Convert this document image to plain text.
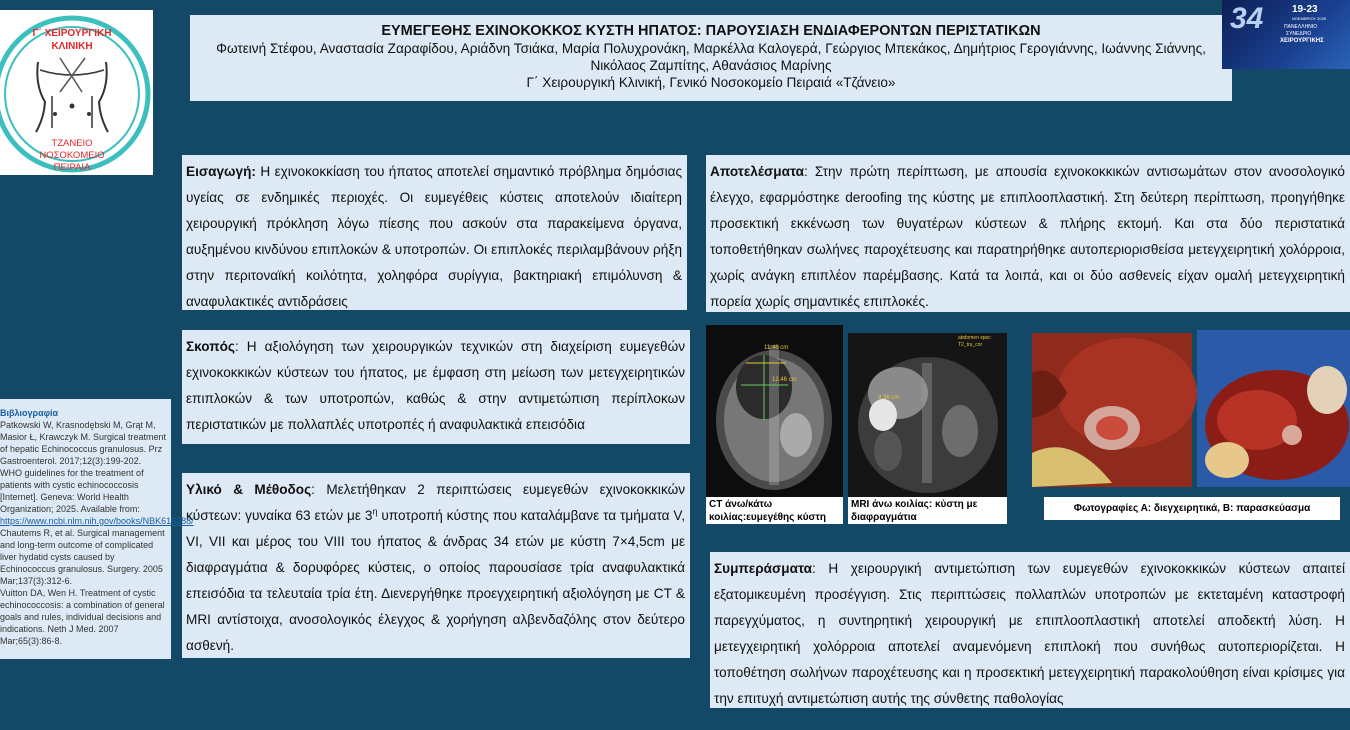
Γ΄ ΧΕΙΡΟΥΡΓΙΚΗ
ΚΛΙΝΙΚΗ
ΤΖΑΝΕΙΟ
ΝΟΣΟΚΟΜΕΙΟ
ΠΕΙΡΑΙΑ
ΕΥΜΕΓΕΘΗΣ ΕΧΙΝΟΚΟΚΚΟΣ ΚΥΣΤΗ ΗΠΑΤΟΣ: ΠΑΡΟΥΣΙΑΣΗ ΕΝΔΙΑΦΕΡΟΝΤΩΝ ΠΕΡΙΣΤΑΤΙΚΩΝ
Φωτεινή Στέφου, Αναστασία Ζαραφίδου, Αριάδνη Τσιάκα, Μαρία Πολυχρονάκη, Μαρκέλλα Καλογερά, Γεώργιος Μπεκάκος, Δημήτριος Γερογιάννης, Ιωάννης Σιάννης, Νικόλαος Ζαμπίτης, Αθανάσιος Μαρίνης
Γ΄ Χειρουργική Κλινική, Γενικό Νοσοκομείο Πειραιά «Τζάνειο»
34	19-23
ΝΟΕΜΒΡΙΟΥ 2025
ΠΑΝΕΛΛΗΝΙΟ
ΣΥΝΕΔΡΙΟ
ΧΕΙΡΟΥΡΓΙΚΗΣ
Εισαγωγή: Η εχινοκοκκίαση του ήπατος αποτελεί σημαντικό πρόβλημα δημόσιας υγείας σε ενδημικές περιοχές. Οι ευμεγέθεις κύστεις αποτελούν ιδιαίτερη χειρουργική πρόκληση λόγω πίεσης που ασκούν στα παρακείμενα όργανα, αυξημένου κινδύνου επιπλοκών & υποτροπών. Οι επιπλοκές περιλαμβάνουν ρήξη στην περιτοναϊκή κοιλότητα, χοληφόρα συρίγγια, βακτηριακή επιμόλυνση & αναφυλακτικές αντιδράσεις
Σκοπός: Η αξιολόγηση των χειρουργικών τεχνικών στη διαχείριση ευμεγεθών εχινοκοκκικών κύστεων του ήπατος, με έμφαση στη μείωση των μετεγχειρητικών επιπλοκών & των υποτροπών, καθώς & στην αντιμετώπιση περίπλοκων περιστατικών με πολλαπλές υποτροπές ή αναφυλακτικά επεισόδια
Υλικό & Μέθοδος: Μελετήθηκαν 2 περιπτώσεις ευμεγεθών εχινοκοκκικών κύστεων: γυναίκα 63 ετών με $3^\eta$ υποτροπή κύστης που καταλάμβανε τα τμήματα V, VI, VII και μέρος του VIII του ήπατος & άνδρας 34 ετών με κύστη 7×4,5cm με διαφραγμάτια & δορυφόρες κύστεις, ο οποίος παρουσίασε τρία αναφυλακτικά επεισόδια τα τελευταία τρία έτη. Διενεργήθηκε προεγχειρητική αξιολόγηση με CT & MRI αντίστοιχα, ανοσολογικός έλεγχος & χορήγηση αλβενδαζόλης στον δεύτερο ασθενή.
Αποτελέσματα: Στην πρώτη περίπτωση, με απουσία εχινοκοκκικών αντισωμάτων στον ανοσολογικό έλεγχο, εφαρμόστηκε deroofing της κύστης με επιπλοοπλαστική. Στη δεύτερη περίπτωση, προηγήθηκε προσεκτική εκκένωση των θυγατέρων κύστεων & πλήρης εκτομή. Και στα δύο περιστατικά τοποθετήθηκαν σωλήνες παροχέτευσης και παρατηρήθηκε αυτοπεριορισθείσα μετεγχειρητική χολόρροια, χωρίς ανάγκη επιπλέον παρέμβασης. Κατά τα λοιπά, και οι δύο ασθενείς είχαν ομαλή μετεγχειρητική πορεία χωρίς σημαντικές επιπλοκές.
Βιβλιογραφία
Patkowski W, Krasnodębski M, Grąt M, Masior Ł, Krawczyk M. Surgical treatment of hepatic Echinococcus granulosus. Prz Gastroenterol. 2017;12(3):199-202.
WHO guidelines for the treatment of patients with cystic echinococcosis [Internet]. Geneva: World Health Organization; 2025. Available from: https://www.ncbi.nlm.nih.gov/books/NBK616288/
Chautems R, et al. Surgical management and long-term outcome of complicated liver hydatid cysts caused by Echinococcus granulosus. Surgery. 2005 Mar;137(3):312-6.
Vuitton DA, Wen H. Treatment of cystic echinococcosis: a combination of general goals and rules, individual decisions and indications. Neth J Med. 2007 Mar;65(3):86-8.
11.46 cm
12.46 cm
4.36 cm
abdomen spec
T2_tru_cor
CT άνω/κάτω κοιλίας:ευμεγέθης κύστη
MRI άνω κοιλίας: κύστη με διαφραγμάτια
Φωτογραφίες Α: διεγχειρητικά, Β: παρασκεύασμα
Συμπεράσματα: Η χειρουργική αντιμετώπιση των ευμεγεθών εχινοκοκκικών κύστεων απαιτεί εξατομικευμένη προσέγγιση. Στις περιπτώσεις πολλαπλών υποτροπών με εκτεταμένη καταστροφή παρεγχύματος, η συντηρητική χειρουργική με επιπλοοπλαστική αποτελεί αποδεκτή λύση. Η μετεγχειρητική χολόρροια αποτελεί αναμενόμενη επιπλοκή που συνήθως αυτοπεριορίζεται. Η τοποθέτηση σωλήνων παροχέτευσης και η προσεκτική μετεγχειρητική παρακολούθηση είναι κρίσιμες για την επιτυχή αντιμετώπιση αυτής της σύνθετης παθολογίας
